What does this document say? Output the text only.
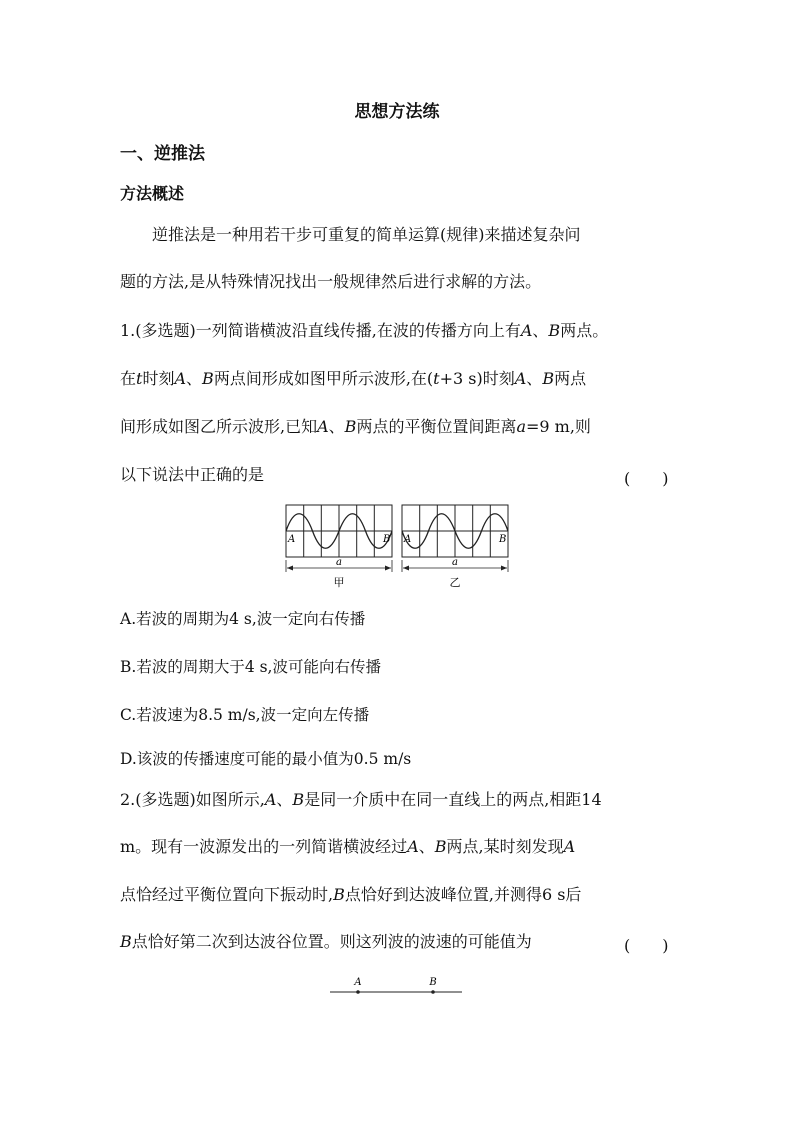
思想方法练
一、逆推法
方法概述
逆推法是一种用若干步可重复的简单运算(规律)来描述复杂问
题的方法,是从特殊情况找出一般规律然后进行求解的方法。
1.(多选题)一列简谐横波沿直线传播,在波的传播方向上有A、B两点。
在t时刻A、B两点间形成如图甲所示波形,在(t+3 s)时刻A、B两点
间形成如图乙所示波形,已知A、B两点的平衡位置间距离a=9 m,则
以下说法中正确的是	(　　)
A	B A	B
a	a
甲	乙
A.若波的周期为4 s,波一定向右传播
B.若波的周期大于4 s,波可能向右传播
C.若波速为8.5 m/s,波一定向左传播
D.该波的传播速度可能的最小值为0.5 m/s
2.(多选题)如图所示,A、B是同一介质中在同一直线上的两点,相距14
m。现有一波源发出的一列简谐横波经过A、B两点,某时刻发现A
点恰经过平衡位置向下振动时,B点恰好到达波峰位置,并测得6 s后
B点恰好第二次到达波谷位置。则这列波的波速的可能值为	(　　)
A	B
